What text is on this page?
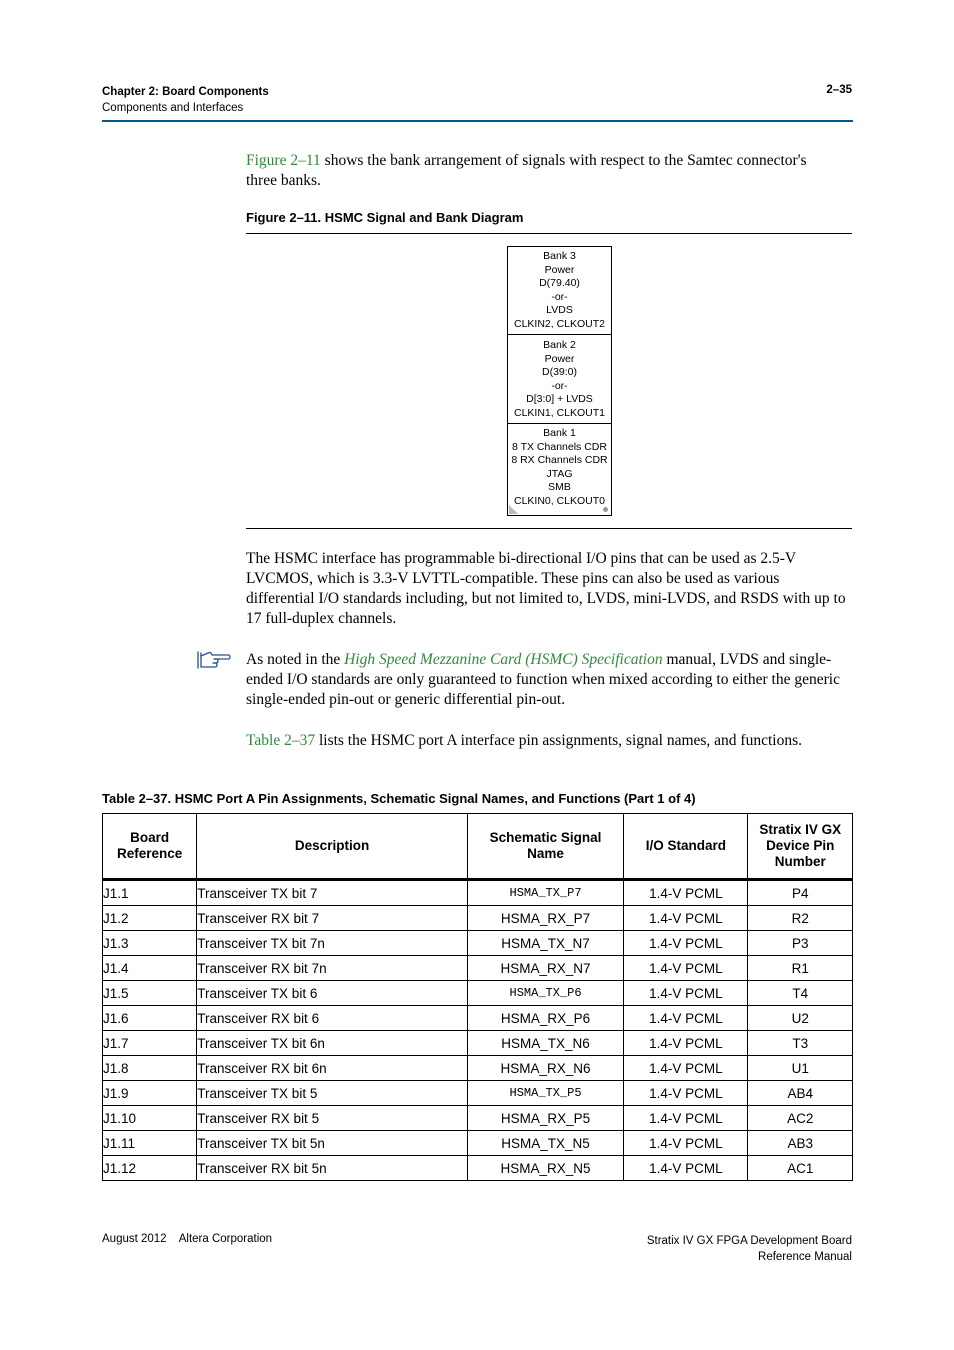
Chapter 2: Board Components
Components and Interfaces
2–35
Figure 2–11 shows the bank arrangement of signals with respect to the Samtec connector's three banks.
Figure 2–11. HSMC Signal and Bank Diagram
Bank 3
Power
D(79.40)
-or-
LVDS
CLKIN2, CLKOUT2
Bank 2
Power
D(39:0)
-or-
D[3:0] + LVDS
CLKIN1, CLKOUT1
Bank 1
8 TX Channels CDR
8 RX Channels CDR
JTAG
SMB
CLKIN0, CLKOUT0
The HSMC interface has programmable bi-directional I/O pins that can be used as 2.5-V LVCMOS, which is 3.3-V LVTTL-compatible. These pins can also be used as various differential I/O standards including, but not limited to, LVDS, mini-LVDS, and RSDS with up to 17 full-duplex channels.
As noted in the High Speed Mezzanine Card (HSMC) Specification manual, LVDS and single-ended I/O standards are only guaranteed to function when mixed according to either the generic single-ended pin-out or generic differential pin-out.
Table 2–37 lists the HSMC port A interface pin assignments, signal names, and functions.
Table 2–37. HSMC Port A Pin Assignments, Schematic Signal Names, and Functions (Part 1 of 4)
Board Reference	Description	Schematic Signal Name	I/O Standard	Stratix IV GX Device Pin Number
J1.1	Transceiver TX bit 7	HSMA_TX_P7	1.4-V PCML	P4
J1.2	Transceiver RX bit 7	HSMA_RX_P7	1.4-V PCML	R2
J1.3	Transceiver TX bit 7n	HSMA_TX_N7	1.4-V PCML	P3
J1.4	Transceiver RX bit 7n	HSMA_RX_N7	1.4-V PCML	R1
J1.5	Transceiver TX bit 6	HSMA_TX_P6	1.4-V PCML	T4
J1.6	Transceiver RX bit 6	HSMA_RX_P6	1.4-V PCML	U2
J1.7	Transceiver TX bit 6n	HSMA_TX_N6	1.4-V PCML	T3
J1.8	Transceiver RX bit 6n	HSMA_RX_N6	1.4-V PCML	U1
J1.9	Transceiver TX bit 5	HSMA_TX_P5	1.4-V PCML	AB4
J1.10	Transceiver RX bit 5	HSMA_RX_P5	1.4-V PCML	AC2
J1.11	Transceiver TX bit 5n	HSMA_TX_N5	1.4-V PCML	AB3
J1.12	Transceiver RX bit 5n	HSMA_RX_N5	1.4-V PCML	AC1
August 2012    Altera Corporation	Stratix IV GX FPGA Development Board
Reference Manual
